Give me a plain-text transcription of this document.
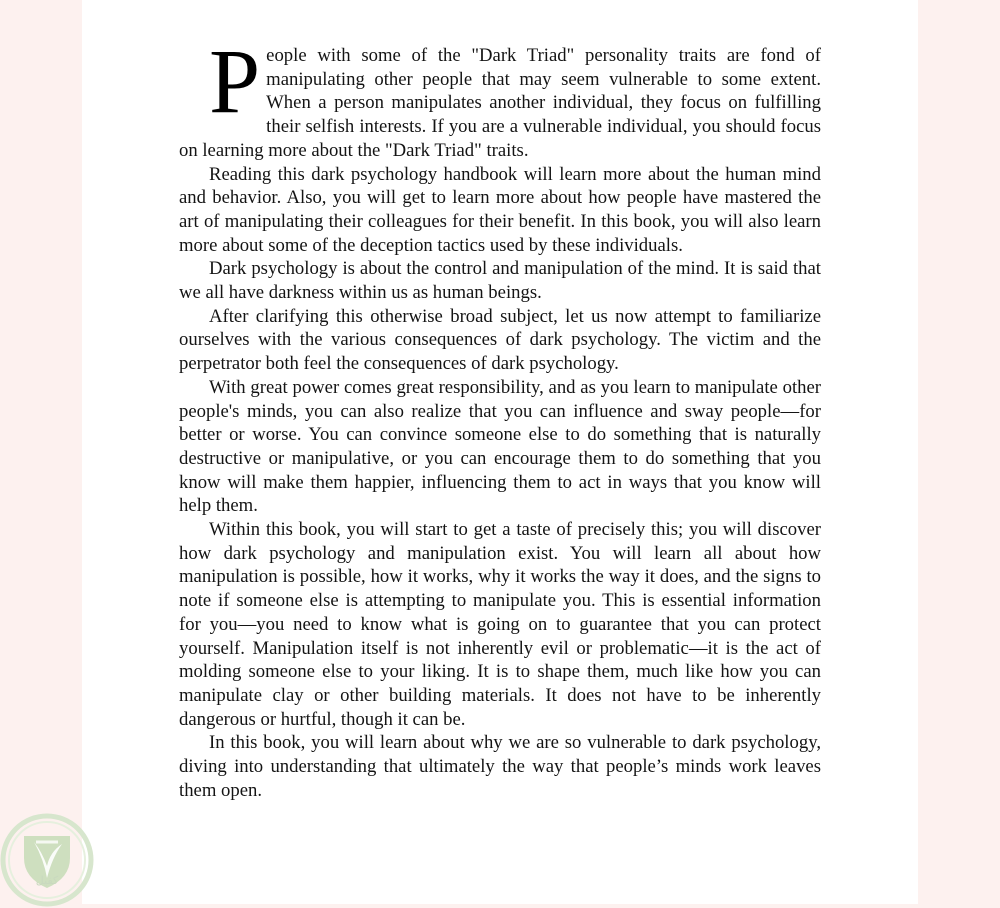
People with some of the "Dark Triad" personality traits are fond of manipulating other people that may seem vulnerable to some extent. When a person manipulates another individual, they focus on fulfilling their selfish interests. If you are a vulnerable individual, you should focus on learning more about the "Dark Triad" traits.

Reading this dark psychology handbook will learn more about the human mind and behavior. Also, you will get to learn more about how people have mastered the art of manipulating their colleagues for their benefit. In this book, you will also learn more about some of the deception tactics used by these individuals.

Dark psychology is about the control and manipulation of the mind. It is said that we all have darkness within us as human beings.

After clarifying this otherwise broad subject, let us now attempt to familiarize ourselves with the various consequences of dark psychology. The victim and the perpetrator both feel the consequences of dark psychology.

With great power comes great responsibility, and as you learn to manipulate other people's minds, you can also realize that you can influence and sway people—for better or worse. You can convince someone else to do something that is naturally destructive or manipulative, or you can encourage them to do something that you know will make them happier, influencing them to act in ways that you know will help them.

Within this book, you will start to get a taste of precisely this; you will discover how dark psychology and manipulation exist. You will learn all about how manipulation is possible, how it works, why it works the way it does, and the signs to note if someone else is attempting to manipulate you. This is essential information for you—you need to know what is going on to guarantee that you can protect yourself. Manipulation itself is not inherently evil or problematic—it is the act of molding someone else to your liking. It is to shape them, much like how you can manipulate clay or other building materials. It does not have to be inherently dangerous or hurtful, though it can be.

In this book, you will learn about why we are so vulnerable to dark psychology, diving into understanding that ultimately the way that people’s minds work leaves them open.

كفيل
